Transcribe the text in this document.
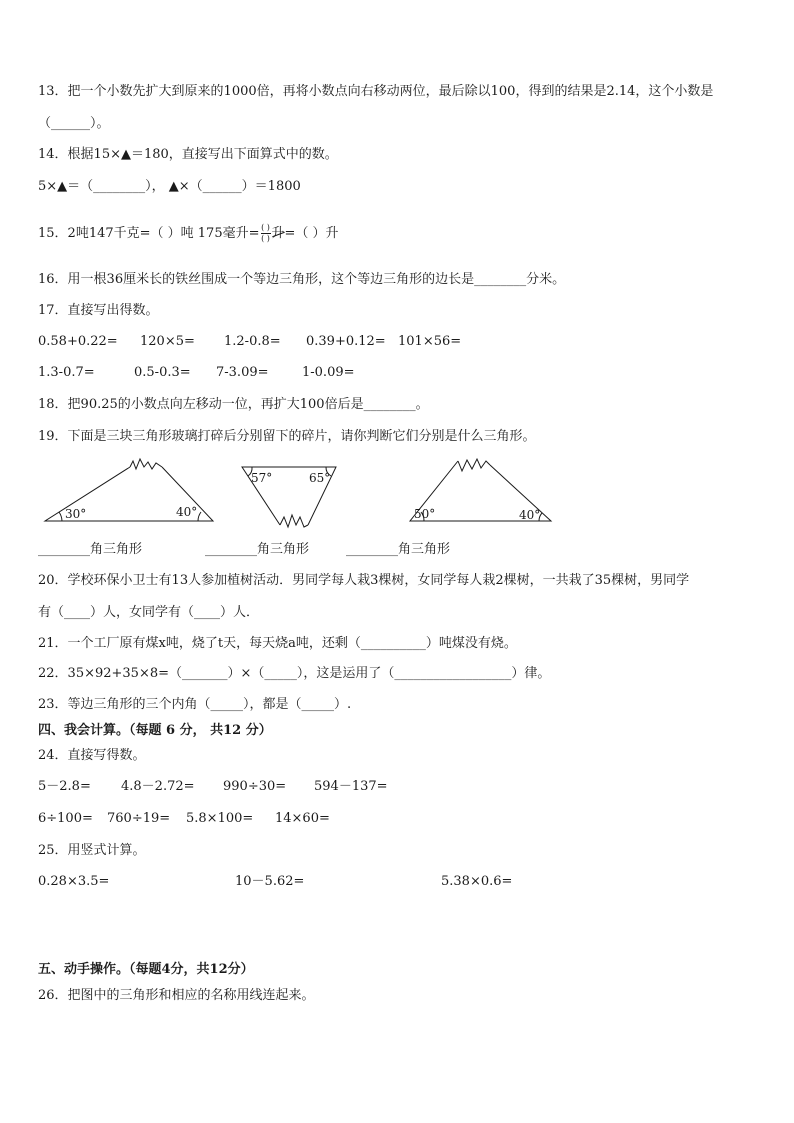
13．把一个小数先扩大到原来的1000倍，再将小数点向右移动两位，最后除以100，得到的结果是2.14，这个小数是
（______）。
14．根据15×▲＝180，直接写出下面算式中的数。
5×▲＝（________）， ▲×（______）＝1800
15．2吨147千克=（ ）吨 175毫升$=\frac{( )}{( )}$升=（ ）升
16．用一根36厘米长的铁丝围成一个等边三角形，这个等边三角形的边长是________分米。
17．直接写出得数。
0.58+0.22= 120×5= 1.2-0.8= 0.39+0.12= 101×56=
1.3-0.7=	0.5-0.3= 7-3.09=	1-0.09=
18．把90.25的小数点向左移动一位，再扩大100倍后是________。
19．下面是三块三角形玻璃打碎后分别留下的碎片，请你判断它们分别是什么三角形。
30°	40°
57°	65°
50°	40°
________角三角形	________角三角形	________角三角形
20．学校环保小卫士有13人参加植树活动．男同学每人栽3棵树，女同学每人栽2棵树，一共栽了35棵树，男同学
有（____）人，女同学有（____）人．
21．一个工厂原有煤x吨，烧了t天，每天烧a吨，还剩（__________）吨煤没有烧。
22．35×92+35×8=（_______）×（_____），这是运用了（__________________）律。
23．等边三角形的三个内角（_____），都是（_____）.
四、我会计算。（每题 6 分， 共12 分）
24．直接写得数。
5－2.8= 4.8－2.72= 990÷30= 594－137=
6÷100= 760÷19= 5.8×100= 14×60=
25．用竖式计算。
0.28×3.5=	10－5.62=	5.38×0.6=
五、动手操作。（每题4分，共12分）
26．把图中的三角形和相应的名称用线连起来。
